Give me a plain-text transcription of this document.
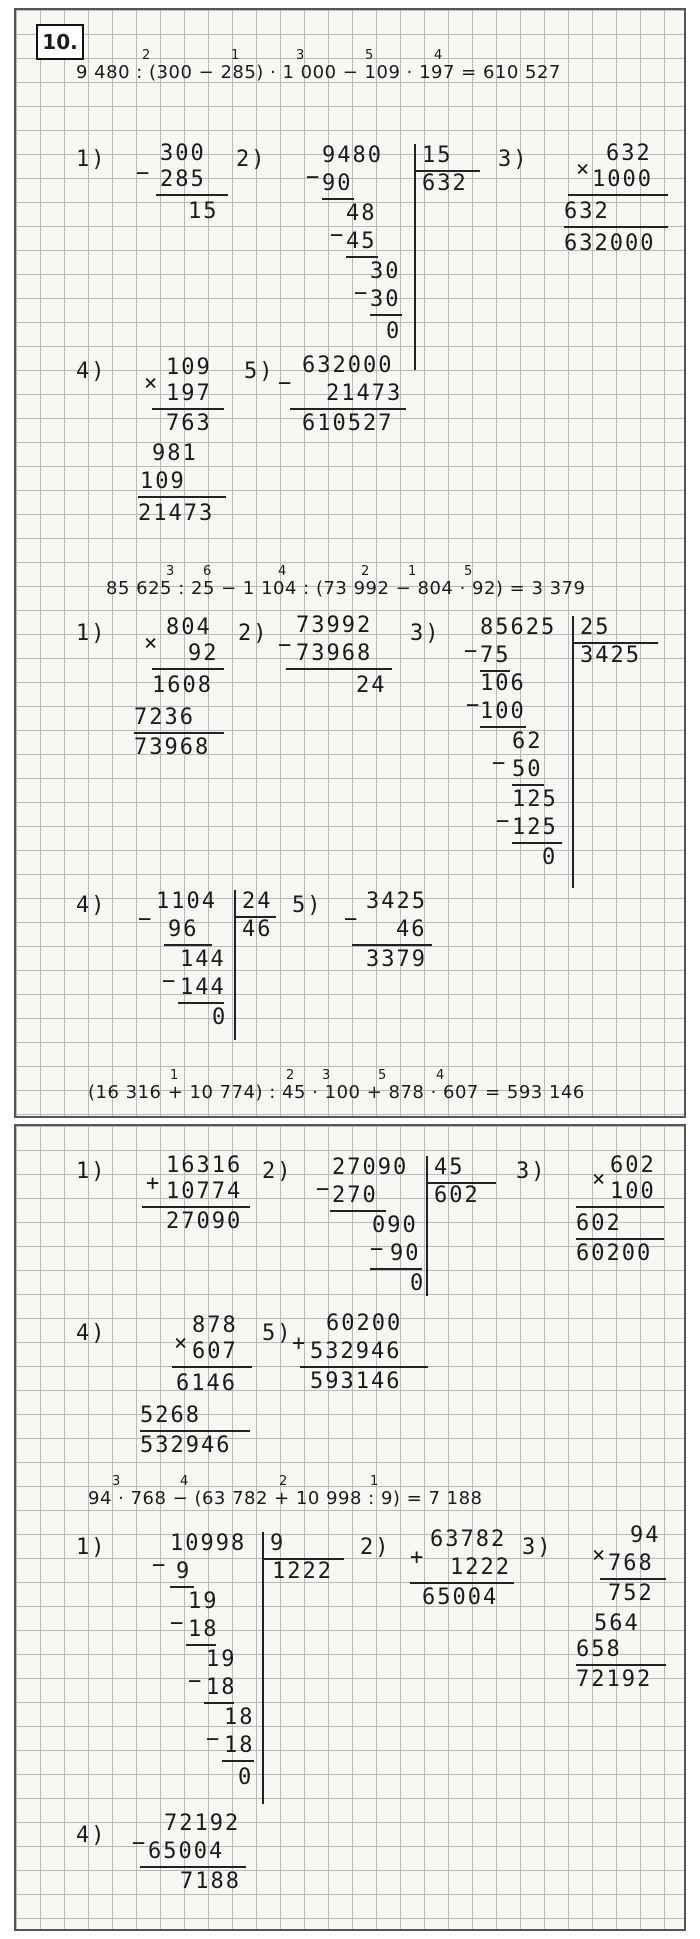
10.
9 480 : (300 − 285) · 1 000 − 109 · 197 = 610 527
2	1	3	5	4
1) 300
− 285
15
2)	9480 15
632
− 90
48
− 45
30
− 30
0
3)	632
× 1000
632
632000
4) ×
109
197
763
981
109
21473
5) 632000
− 21473
610527
85 625 : 25 − 1 104 : (73 992 − 804 · 92) = 3 379
3 6	4	2	1	5
1) ×
804
92
1608
7236
73968
2) 73992
− 73968
24
3) 85625 25
3425
− 75
106
−
100
62
− 50
125
− 125
0
4) 1104 24
46
− 96
144
− 144
0
5) 3425
− 46
3379
(16 316 + 10 774) : 45 · 100 + 878 · 607 = 593 146
1	2 3	5	4
1)	16316
+ 10774
27090
2) 27090 45
602
− 270
090
− 90
0
3)	602
× 100
602
60200
4)	878
× 607
6146
5268
532946
5) 60200
+ 532946
593146
94 · 768 − (63 782 + 10 998 : 9) = 7 188
3	4	2	1
1)	10998 9
1222
− 9
19
− 18
19
− 18
18
− 18
0
2) 63782
+ 1222
65004
3)	94
× 768
752
564
658
72192
4)	72192
− 65004
7188
